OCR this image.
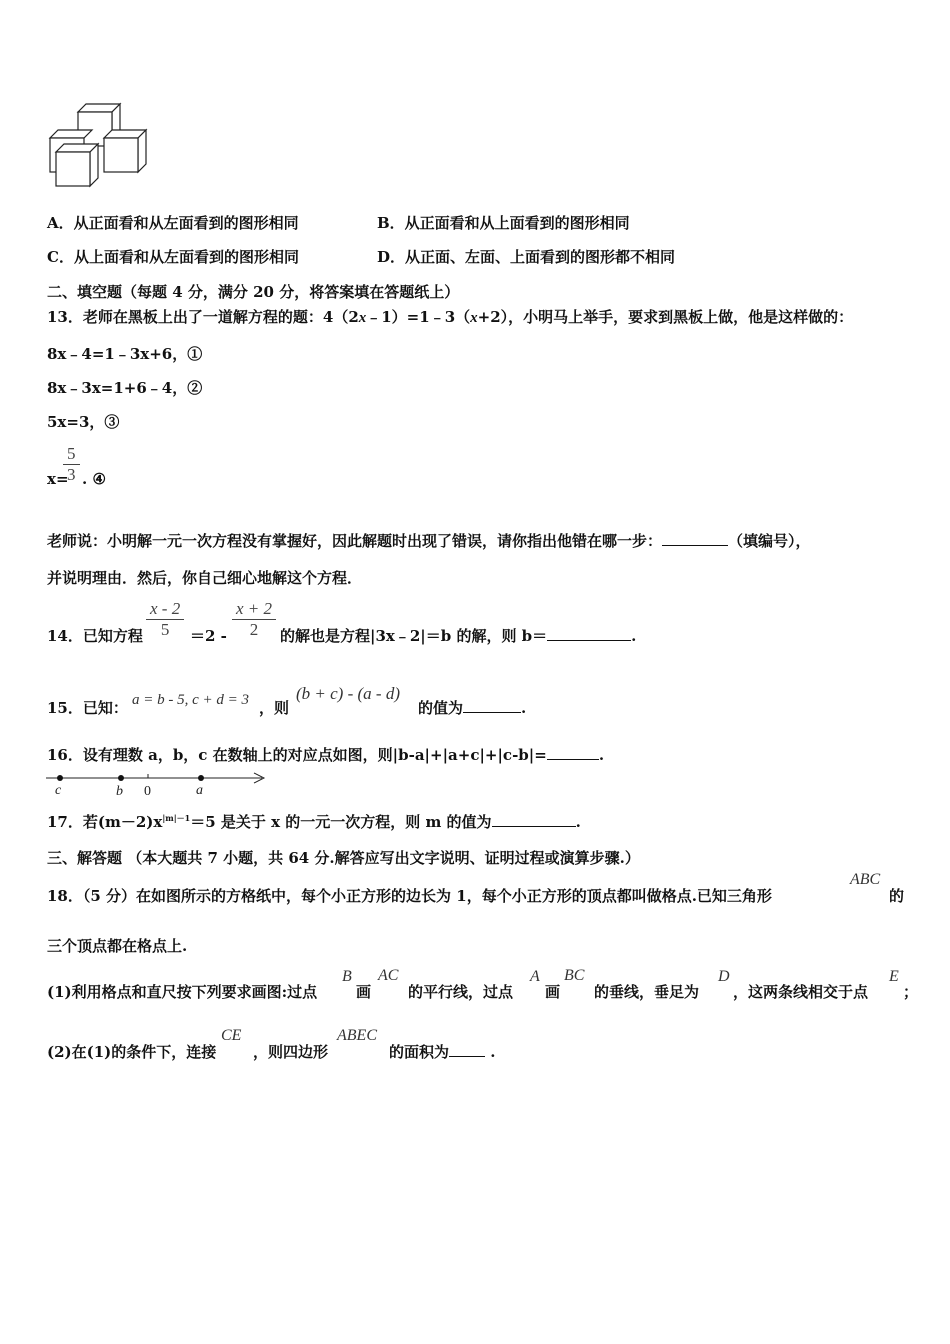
A．从正面看和从左面看到的图形相同	B．从正面看和从上面看到的图形相同
C．从上面看和从左面看到的图形相同	D．从正面、左面、上面看到的图形都不相同
二、填空题（每题 4 分，满分 20 分，将答案填在答题纸上）
13．老师在黑板上出了一道解方程的题：4（2x﹣1）=1﹣3（x+2），小明马上举手，要求到黑板上做，他是这样做的：
8x﹣4=1﹣3x+6，①
8x﹣3x=1+6﹣4，②
5x=3，③
x=
5
3 . ④
老师说：小明解一元一次方程没有掌握好，因此解题时出现了错误，请你指出他错在哪一步：	（填编号），
并说明理由．然后，你自己细心地解这个方程．
14．已知方程
x - 2
5	＝2 -
x + 2
2	的解也是方程|3x﹣2|＝b 的解，则 b＝	.
15．已知： a = b - 5, c + d = 3 ，则
(b + c) - (a - d)
的值为	.
16．设有理数 a，b，c 在数轴上的对应点如图，则|b-a|+|a+c|+|c-b|=	.
c	b 0	a
17．若$(m-2)x^{|m|-1}=5$ 是关于 x 的一元一次方程，则 m 的值为	.
三、解答题 （本大题共 7 小题，共 64 分.解答应写出文字说明、证明过程或演算步骤.）
18．（5 分）在如图所示的方格纸中，每个小正方形的边长为 1，每个小正方形的顶点都叫做格点.已知三角形
ABC
的
三个顶点都在格点上.
(1)利用格点和直尺按下列要求画图:过点
B
画
AC
的平行线，过点
A
画
BC
的垂线，垂足为
D
，这两条线相交于点
E
；
(2)在(1)的条件下，连接
CE
，则四边形
ABEC
的面积为	.
